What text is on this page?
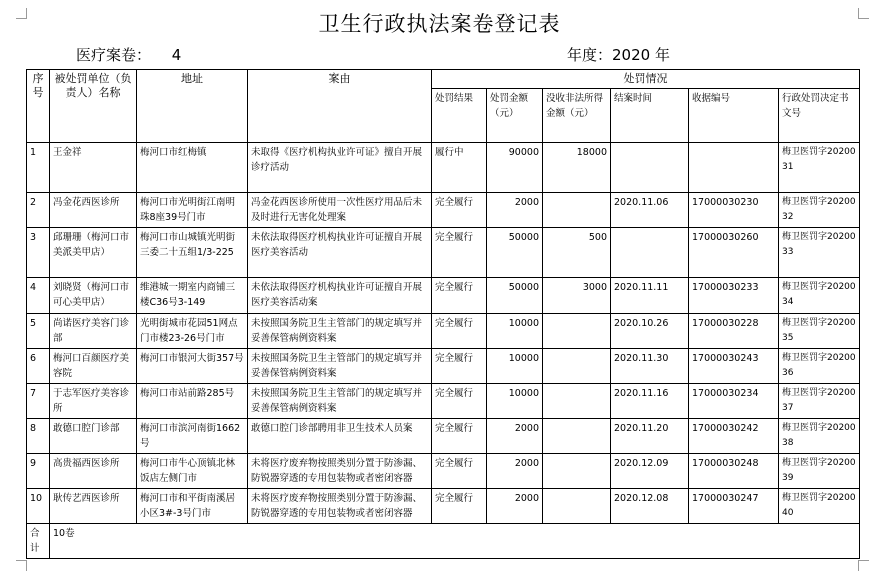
卫生行政执法案卷登记表
医疗案卷： 4	年度：2020 年
序号	被处罚单位（负责人）名称	地址	案由	处罚情况					
				处罚结果	处罚金额（元）	没收非法所得金额（元）	结案时间	收据编号	行政处罚决定书文号
1	王金祥	梅河口市红梅镇	未取得《医疗机构执业许可证》擅自开展诊疗活动	履行中	90000	18000			梅卫医罚字2020031
2	冯金花西医诊所	梅河口市光明街江南明珠8座39号门市	冯金花西医诊所使用一次性医疗用品后未及时进行无害化处理案	完全履行	2000		2020.11.06	17000030230	梅卫医罚字2020032
3	邱珊珊（梅河口市美派美甲店）	梅河口市山城镇光明街三委二十五组1/3-225	未依法取得医疗机构执业许可证擅自开展医疗美容活动	完全履行	50000	500		17000030260	梅卫医罚字2020033
4	刘晓贤（梅河口市可心美甲店）	维港城一期室内商铺三楼C36号3-149	未依法取得医疗机构执业许可证擅自开展医疗美容活动案	完全履行	50000	3000	2020.11.11	17000030233	梅卫医罚字2020034
5	尚诺医疗美容门诊部	光明街城市花园51网点门市楼23-26号门市	未按照国务院卫生主管部门的规定填写并妥善保管病例资料案	完全履行	10000		2020.10.26	17000030228	梅卫医罚字2020035
6	梅河口百颜医疗美容院	梅河口市银河大街357号	未按照国务院卫生主管部门的规定填写并妥善保管病例资料案	完全履行	10000		2020.11.30	17000030243	梅卫医罚字2020036
7	于志军医疗美容诊所	梅河口市站前路285号	未按照国务院卫生主管部门的规定填写并妥善保管病例资料案	完全履行	10000		2020.11.16	17000030234	梅卫医罚字2020037
8	敢德口腔门诊部	梅河口市滨河南街1662号	敢德口腔门诊部聘用非卫生技术人员案	完全履行	2000		2020.11.20	17000030242	梅卫医罚字2020038
9	高贵福西医诊所	梅河口市牛心顶镇北林饭店左侧门市	未将医疗废弃物按照类别分置于防渗漏、防锐器穿透的专用包装物或者密闭容器	完全履行	2000		2020.12.09	17000030248	梅卫医罚字2020039
10	耿传艺西医诊所	梅河口市和平街南溪居小区3#-3号门市	未将医疗废弃物按照类别分置于防渗漏、防锐器穿透的专用包装物或者密闭容器	完全履行	2000		2020.12.08	17000030247	梅卫医罚字2020040
合计	10卷								
